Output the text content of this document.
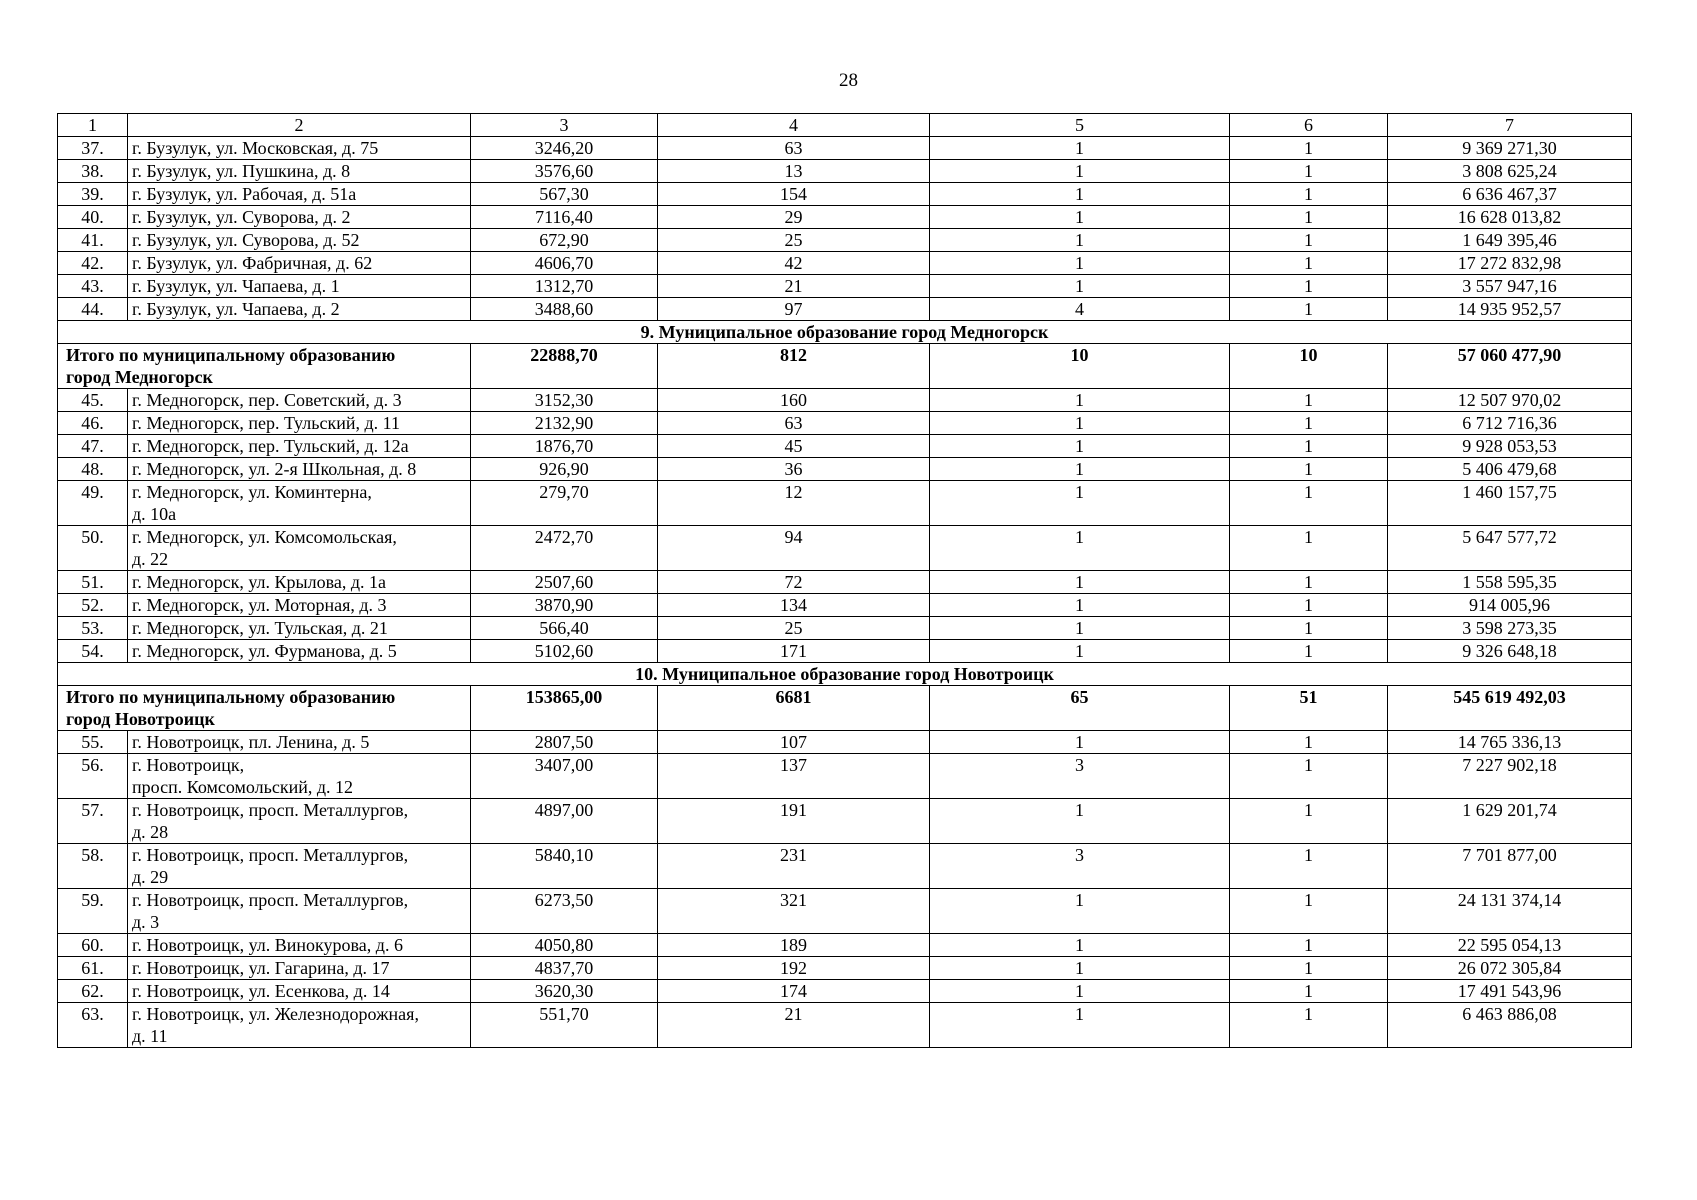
28
1	2	3	4	5	6	7
37.	г. Бузулук, ул. Московская, д. 75	3246,20	63	1	1	9 369 271,30
38.	г. Бузулук, ул. Пушкина, д. 8	3576,60	13	1	1	3 808 625,24
39.	г. Бузулук, ул. Рабочая, д. 51а	567,30	154	1	1	6 636 467,37
40.	г. Бузулук, ул. Суворова, д. 2	7116,40	29	1	1	16 628 013,82
41.	г. Бузулук, ул. Суворова, д. 52	672,90	25	1	1	1 649 395,46
42.	г. Бузулук, ул. Фабричная, д. 62	4606,70	42	1	1	17 272 832,98
43.	г. Бузулук, ул. Чапаева, д. 1	1312,70	21	1	1	3 557 947,16
44.	г. Бузулук, ул. Чапаева, д. 2	3488,60	97	4	1	14 935 952,57
9. Муниципальное образование город Медногорск						

Итого по муниципальному образованию
город Медногорск		22888,70	812	10	10	57 060 477,90
45.	г. Медногорск, пер. Советский, д. 3	3152,30	160	1	1	12 507 970,02
46.	г. Медногорск, пер. Тульский, д. 11	2132,90	63	1	1	6 712 716,36
47.	г. Медногорск, пер. Тульский, д. 12а	1876,70	45	1	1	9 928 053,53
48.	г. Медногорск, ул. 2-я Школьная, д. 8	926,90	36	1	1	5 406 479,68
49.	г. Медногорск, ул. Коминтерна,
д. 10а	279,70	12	1	1	1 460 157,75
50.	г. Медногорск, ул. Комсомольская,
д. 22	2472,70	94	1	1	5 647 577,72
51.	г. Медногорск, ул. Крылова, д. 1а	2507,60	72	1	1	1 558 595,35
52.	г. Медногорск, ул. Моторная, д. 3	3870,90	134	1	1	914 005,96
53.	г. Медногорск, ул. Тульская, д. 21	566,40	25	1	1	3 598 273,35
54.	г. Медногорск, ул. Фурманова, д. 5	5102,60	171	1	1	9 326 648,18
10. Муниципальное образование город Новотроицк						

Итого по муниципальному образованию
город Новотроицк		153865,00	6681	65	51	545 619 492,03
55.	г. Новотроицк, пл. Ленина, д. 5	2807,50	107	1	1	14 765 336,13
56.	г. Новотроицк,
просп. Комсомольский, д. 12	3407,00	137	3	1	7 227 902,18
57.	г. Новотроицк, просп. Металлургов,
д. 28	4897,00	191	1	1	1 629 201,74
58.	г. Новотроицк, просп. Металлургов,
д. 29	5840,10	231	3	1	7 701 877,00
59.	г. Новотроицк, просп. Металлургов,
д. 3	6273,50	321	1	1	24 131 374,14
60.	г. Новотроицк, ул. Винокурова, д. 6	4050,80	189	1	1	22 595 054,13
61.	г. Новотроицк, ул. Гагарина, д. 17	4837,70	192	1	1	26 072 305,84
62.	г. Новотроицк, ул. Есенкова, д. 14	3620,30	174	1	1	17 491 543,96
63.	г. Новотроицк, ул. Железнодорожная,
д. 11	551,70	21	1	1	6 463 886,08
